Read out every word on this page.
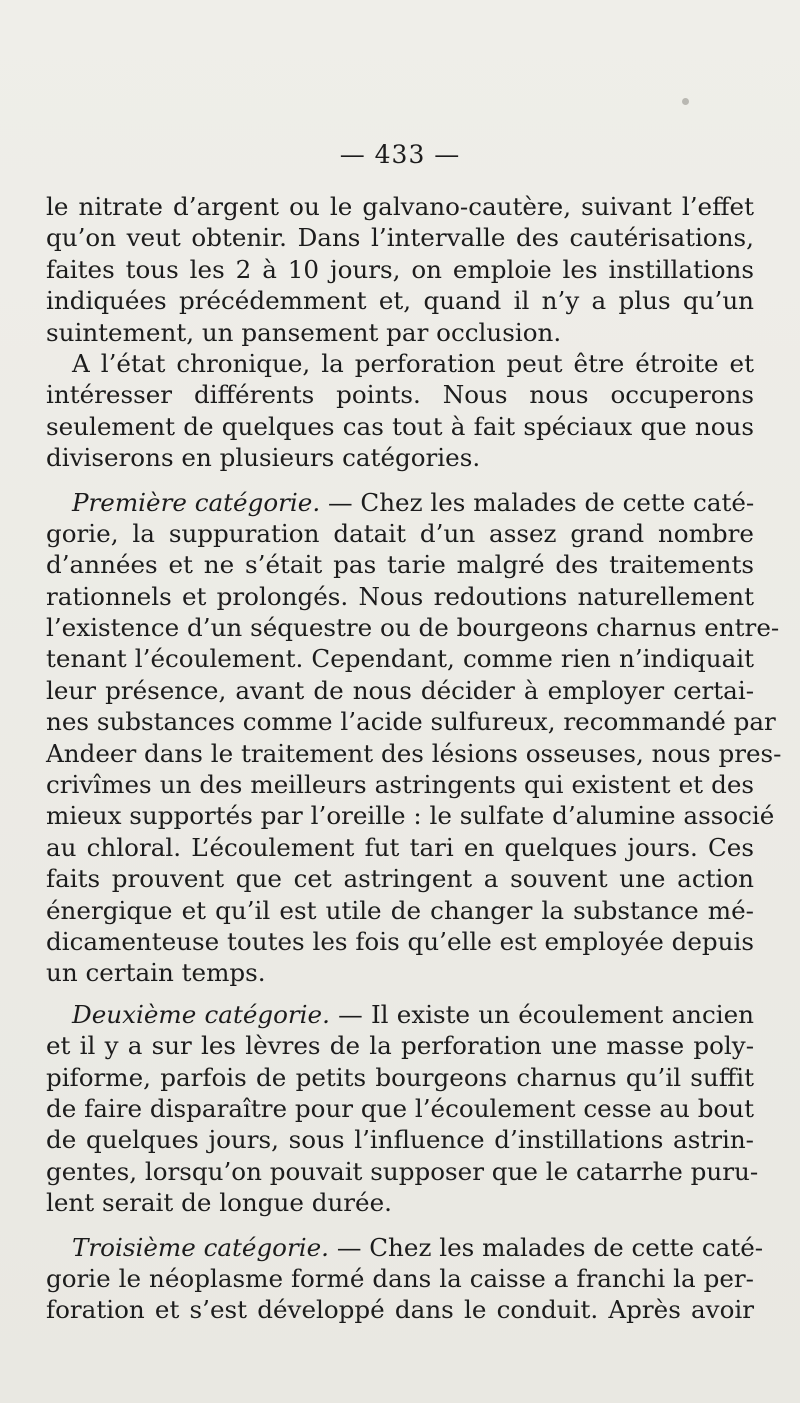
— 433 —
le nitrate d’argent ou le galvano-cautère, suivant l’effet
qu’on veut obtenir. Dans l’intervalle des cautérisations,
faites tous les 2 à 10 jours, on emploie les instillations
indiquées précédemment et, quand il n’y a plus qu’un
suintement, un pansement par occlusion.
A l’état chronique, la perforation peut être étroite et
intéresser différents points. Nous nous occuperons
seulement de quelques cas tout à fait spéciaux que nous
diviserons en plusieurs catégories.
Première catégorie. — Chez les malades de cette caté-
gorie, la suppuration datait d’un assez grand nombre
d’années et ne s’était pas tarie malgré des traitements
rationnels et prolongés. Nous redoutions naturellement
l’existence d’un séquestre ou de bourgeons charnus entre-
tenant l’écoulement. Cependant, comme rien n’indiquait
leur présence, avant de nous décider à employer certai-
nes substances comme l’acide sulfureux, recommandé par
Andeer dans le traitement des lésions osseuses, nous pres-
crivîmes un des meilleurs astringents qui existent et des
mieux supportés par l’oreille : le sulfate d’alumine associé
au chloral. L’écoulement fut tari en quelques jours. Ces
faits prouvent que cet astringent a souvent une action
énergique et qu’il est utile de changer la substance mé-
dicamenteuse toutes les fois qu’elle est employée depuis
un certain temps.
Deuxième catégorie. — Il existe un écoulement ancien
et il y a sur les lèvres de la perforation une masse poly-
piforme, parfois de petits bourgeons charnus qu’il suffit
de faire disparaître pour que l’écoulement cesse au bout
de quelques jours, sous l’influence d’instillations astrin-
gentes, lorsqu’on pouvait supposer que le catarrhe puru-
lent serait de longue durée.
Troisième catégorie. — Chez les malades de cette caté-
gorie le néoplasme formé dans la caisse a franchi la per-
foration et s’est développé dans le conduit. Après avoir
